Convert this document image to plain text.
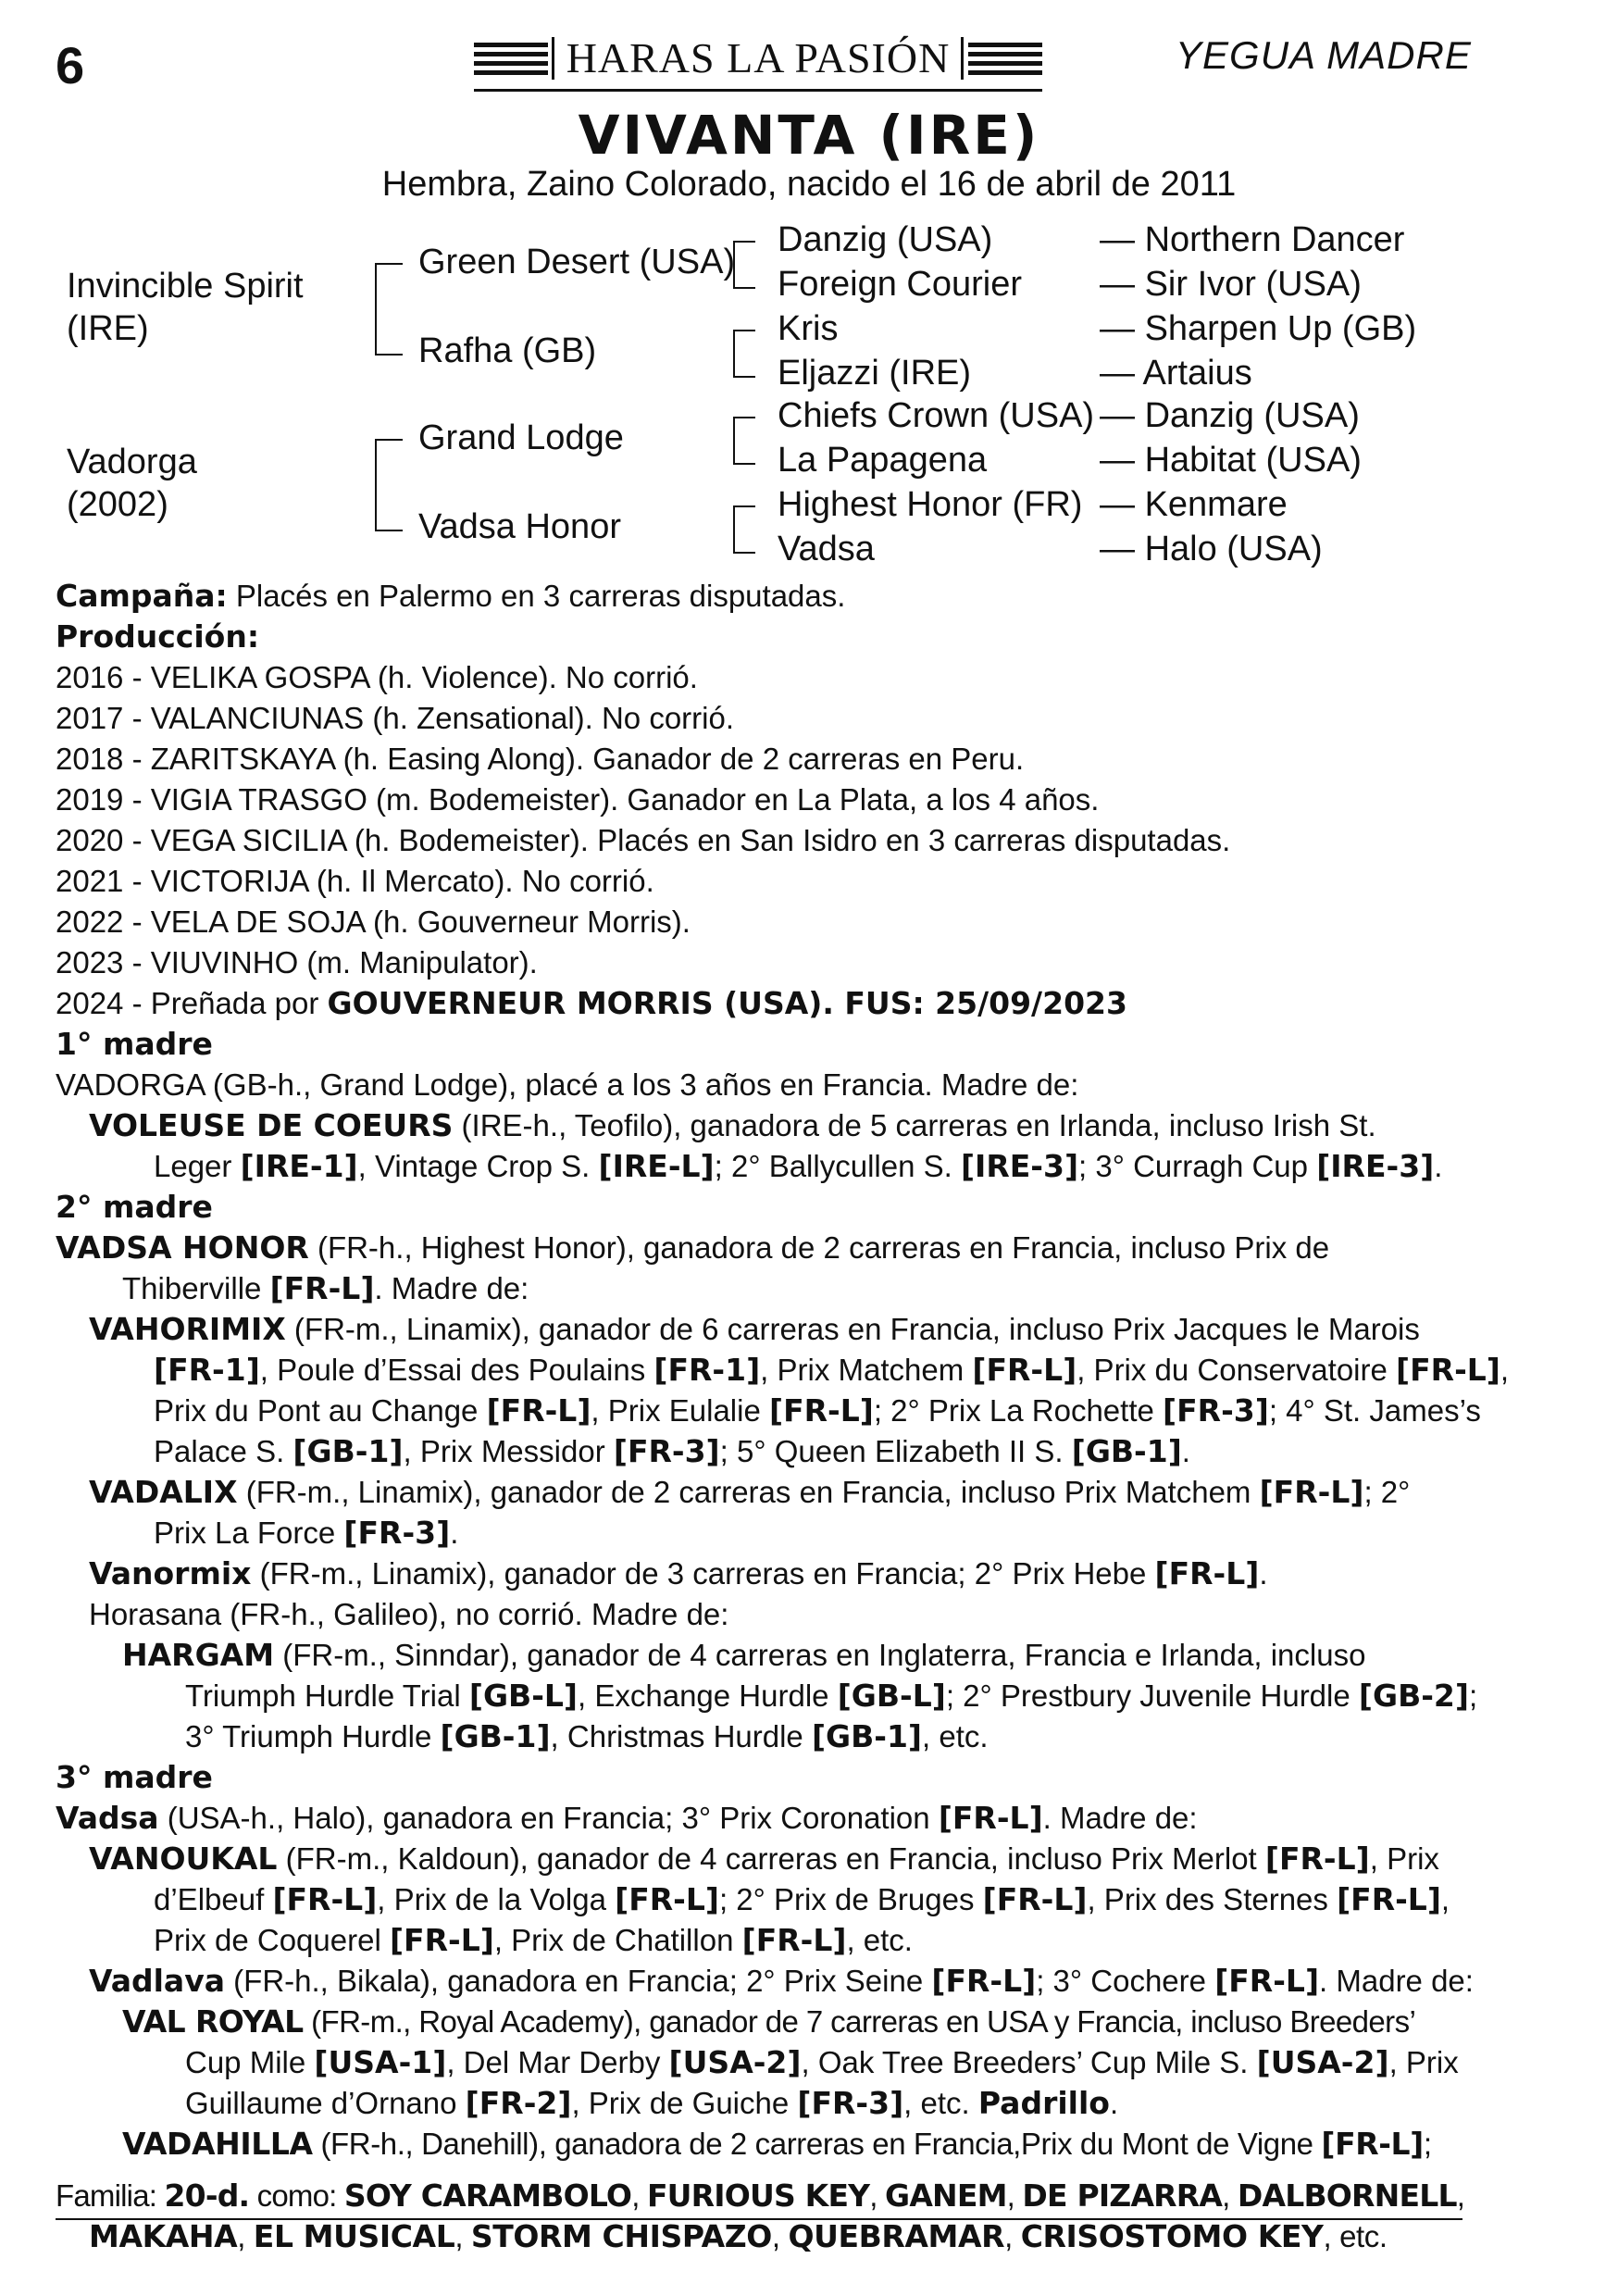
6	HARAS LA PASIÓN	YEGUA MADRE
VIVANTA (IRE)
Hembra, Zaino Colorado, nacido el 16 de abril de 2011
Invincible Spirit
(IRE)
Vadorga
(2002)
Green Desert (USA)
Rafha (GB)
Grand Lodge
Vadsa Honor
Danzig (USA)
Foreign Courier
Kris
Eljazzi (IRE)
Chiefs Crown (USA)
La Papagena
Highest Honor (FR)
Vadsa
— Northern Dancer
— Sir Ivor (USA)
— Sharpen Up (GB)
— Artaius
— Danzig (USA)
— Habitat (USA)
— Kenmare
— Halo (USA)
Campaña: Placés en Palermo en 3 carreras disputadas.
Producción:
2016 - VELIKA GOSPA (h. Violence). No corrió.
2017 - VALANCIUNAS (h. Zensational). No corrió.
2018 - ZARITSKAYA (h. Easing Along). Ganador de 2 carreras en Peru.
2019 - VIGIA TRASGO (m. Bodemeister). Ganador en La Plata, a los 4 años.
2020 - VEGA SICILIA (h. Bodemeister). Placés en San Isidro en 3 carreras disputadas.
2021 - VICTORIJA (h. Il Mercato). No corrió.
2022 - VELA DE SOJA (h. Gouverneur Morris).
2023 - VIUVINHO (m. Manipulator).
2024 - Preñada por GOUVERNEUR MORRIS (USA). FUS: 25/09/2023
1° madre
VADORGA (GB-h., Grand Lodge), placé a los 3 años en Francia. Madre de:
VOLEUSE DE COEURS (IRE-h., Teofilo), ganadora de 5 carreras en Irlanda, incluso Irish St.
Leger [IRE-1], Vintage Crop S. [IRE-L]; 2° Ballycullen S. [IRE-3]; 3° Curragh Cup [IRE-3].
2° madre
VADSA HONOR (FR-h., Highest Honor), ganadora de 2 carreras en Francia, incluso Prix de
Thiberville [FR-L]. Madre de:
VAHORIMIX (FR-m., Linamix), ganador de 6 carreras en Francia, incluso Prix Jacques le Marois
[FR-1], Poule d’Essai des Poulains [FR-1], Prix Matchem [FR-L], Prix du Conservatoire [FR-L],
Prix du Pont au Change [FR-L], Prix Eulalie [FR-L]; 2° Prix La Rochette [FR-3]; 4° St. James’s
Palace S. [GB-1], Prix Messidor [FR-3]; 5° Queen Elizabeth II S. [GB-1].
VADALIX (FR-m., Linamix), ganador de 2 carreras en Francia, incluso Prix Matchem [FR-L]; 2°
Prix La Force [FR-3].
Vanormix (FR-m., Linamix), ganador de 3 carreras en Francia; 2° Prix Hebe [FR-L].
Horasana (FR-h., Galileo), no corrió. Madre de:
HARGAM (FR-m., Sinndar), ganador de 4 carreras en Inglaterra, Francia e Irlanda, incluso
Triumph Hurdle Trial [GB-L], Exchange Hurdle [GB-L]; 2° Prestbury Juvenile Hurdle [GB-2];
3° Triumph Hurdle [GB-1], Christmas Hurdle [GB-1], etc.
3° madre
Vadsa (USA-h., Halo), ganadora en Francia; 3° Prix Coronation [FR-L]. Madre de:
VANOUKAL (FR-m., Kaldoun), ganador de 4 carreras en Francia, incluso Prix Merlot [FR-L], Prix
d’Elbeuf [FR-L], Prix de la Volga [FR-L]; 2° Prix de Bruges [FR-L], Prix des Sternes [FR-L],
Prix de Coquerel [FR-L], Prix de Chatillon [FR-L], etc.
Vadlava (FR-h., Bikala), ganadora en Francia; 2° Prix Seine [FR-L]; 3° Cochere [FR-L]. Madre de:
VAL ROYAL (FR-m., Royal Academy), ganador de 7 carreras en USA y Francia, incluso Breeders’
Cup Mile [USA-1], Del Mar Derby [USA-2], Oak Tree Breeders’ Cup Mile S. [USA-2], Prix
Guillaume d’Ornano [FR-2], Prix de Guiche [FR-3], etc. Padrillo.
VADAHILLA (FR-h., Danehill), ganadora de 2 carreras en Francia,Prix du Mont de Vigne [FR-L];
Familia: 20-d. como: SOY CARAMBOLO, FURIOUS KEY, GANEM, DE PIZARRA, DALBORNELL,
MAKAHA, EL MUSICAL, STORM CHISPAZO, QUEBRAMAR, CRISOSTOMO KEY, etc.
